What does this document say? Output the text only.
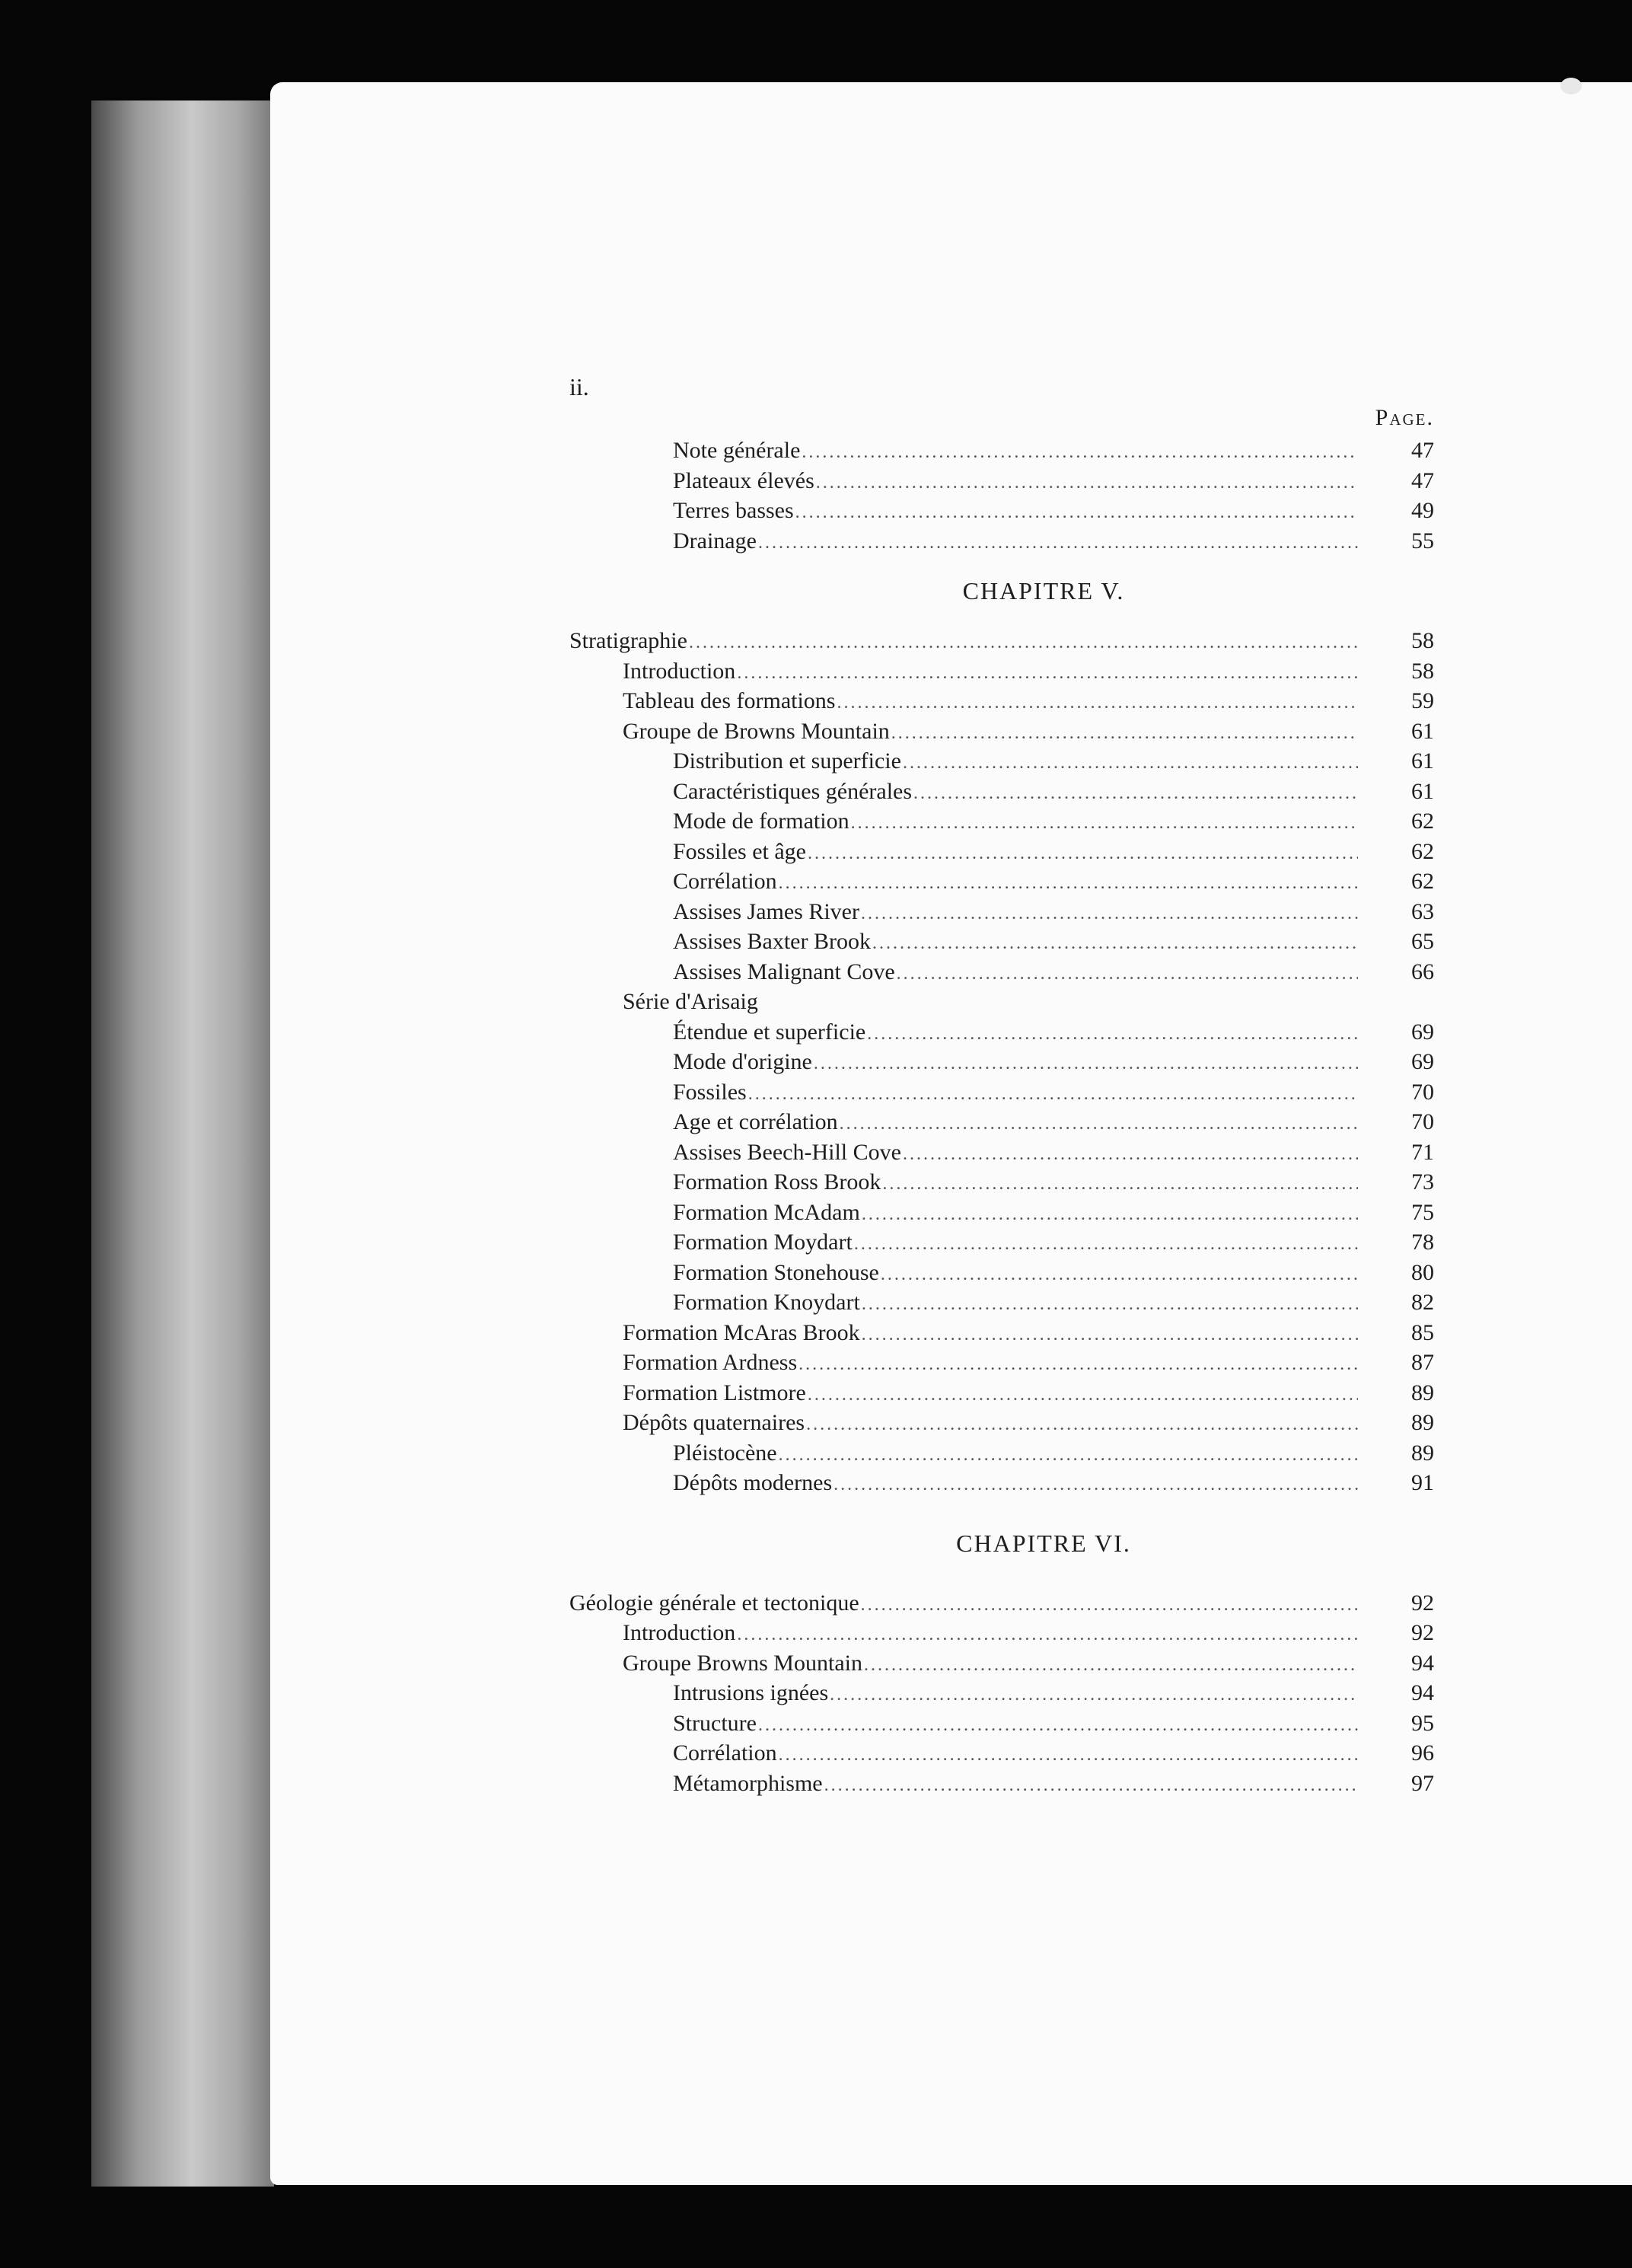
ii.
Page.
Note générale .....	47
Plateaux élevés .....	47
Terres basses .....	49
Drainage .....	55
CHAPITRE V.
Stratigraphie .....	58
Introduction .....	58
Tableau des formations .....	59
Groupe de Browns Mountain .....	61
Distribution et superficie .....	61
Caractéristiques générales .....	61
Mode de formation .....	62
Fossiles et âge .....	62
Corrélation .....	62
Assises James River .....	63
Assises Baxter Brook .....	65
Assises Malignant Cove .....	66
Série d'Arisaig
Étendue et superficie .....	69
Mode d'origine .....	69
Fossiles .....	70
Age et corrélation .....	70
Assises Beech-Hill Cove .....	71
Formation Ross Brook .....	73
Formation McAdam .....	75
Formation Moydart .....	78
Formation Stonehouse .....	80
Formation Knoydart .....	82
Formation McAras Brook .....	85
Formation Ardness .....	87
Formation Listmore .....	89
Dépôts quaternaires .....	89
Pléistocène .....	89
Dépôts modernes .....	91
CHAPITRE VI.
Géologie générale et tectonique .....	92
Introduction .....	92
Groupe Browns Mountain .....	94
Intrusions ignées .....	94
Structure .....	95
Corrélation .....	96
Métamorphisme .....	97
